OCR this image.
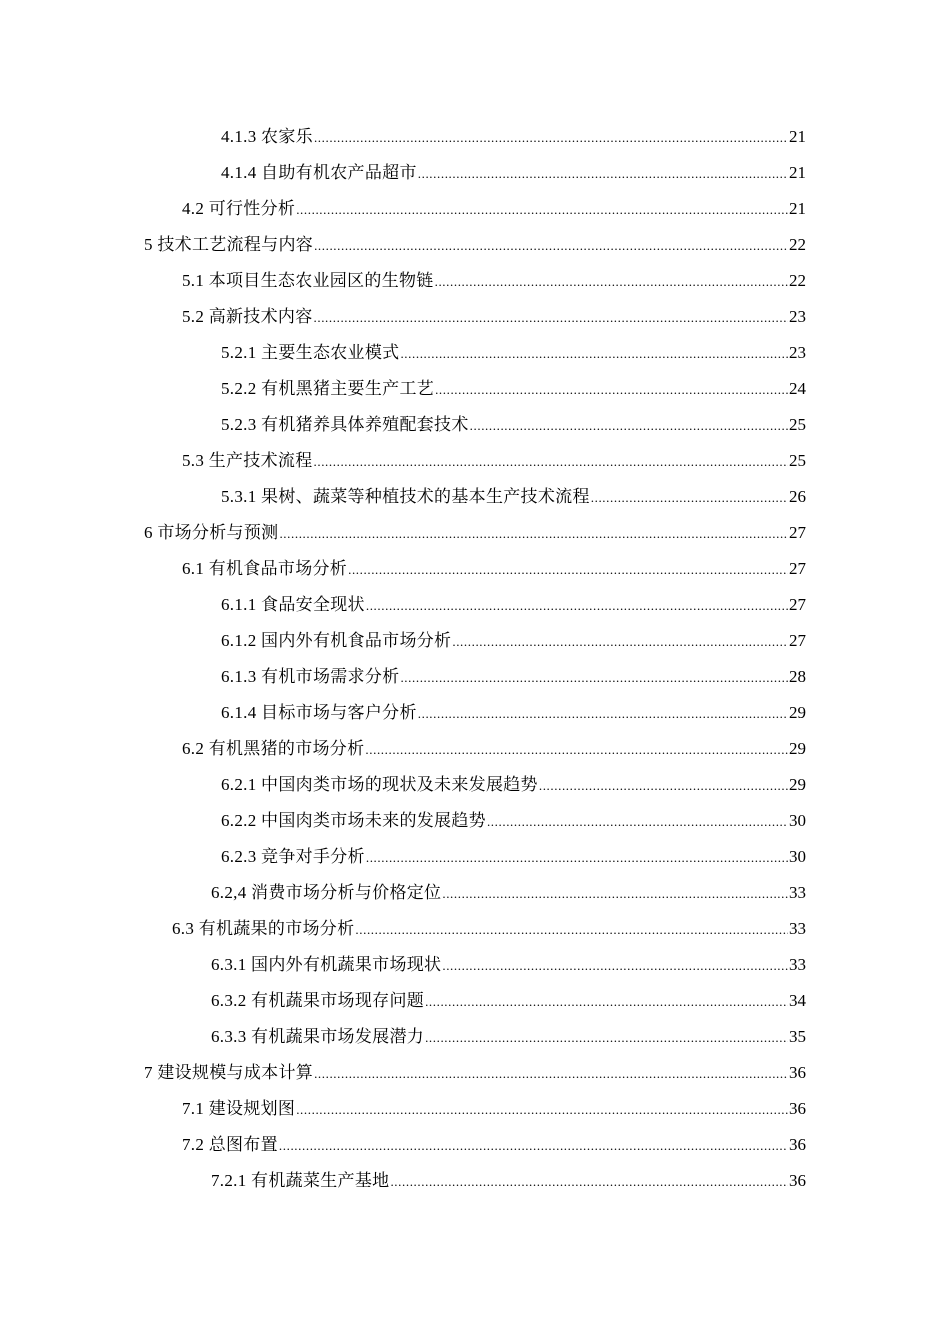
4.1.3 农家乐 .....	21
4.1.4 自助有机农产品超市 .....	21
4.2 可行性分析 .....	21
5 技术工艺流程与内容 .....	22
5.1 本项目生态农业园区的生物链 .....	22
5.2 高新技术内容 .....	23
5.2.1 主要生态农业模式 .....	23
5.2.2 有机黑猪主要生产工艺 .....	24
5.2.3 有机猪养具体养殖配套技术 .....	25
5.3 生产技术流程 .....	25
5.3.1 果树、蔬菜等种植技术的基本生产技术流程 .....	26
6 市场分析与预测 .....	27
6.1 有机食品市场分析 .....	27
6.1.1 食品安全现状 .....	27
6.1.2 国内外有机食品市场分析 .....	27
6.1.3 有机市场需求分析 .....	28
6.1.4 目标市场与客户分析 .....	29
6.2 有机黑猪的市场分析 .....	29
6.2.1 中国肉类市场的现状及未来发展趋势 .....	29
6.2.2 中国肉类市场未来的发展趋势 .....	30
6.2.3 竞争对手分析 .....	30
6.2,4 消费市场分析与价格定位 .....	33
6.3 有机蔬果的市场分析 .....	33
6.3.1 国内外有机蔬果市场现状 .....	33
6.3.2 有机蔬果市场现存问题 .....	34
6.3.3 有机蔬果市场发展潜力 .....	35
7 建设规模与成本计算 .....	36
7.1 建设规划图 .....	36
7.2 总图布置 .....	36
7.2.1 有机蔬菜生产基地 .....	36
